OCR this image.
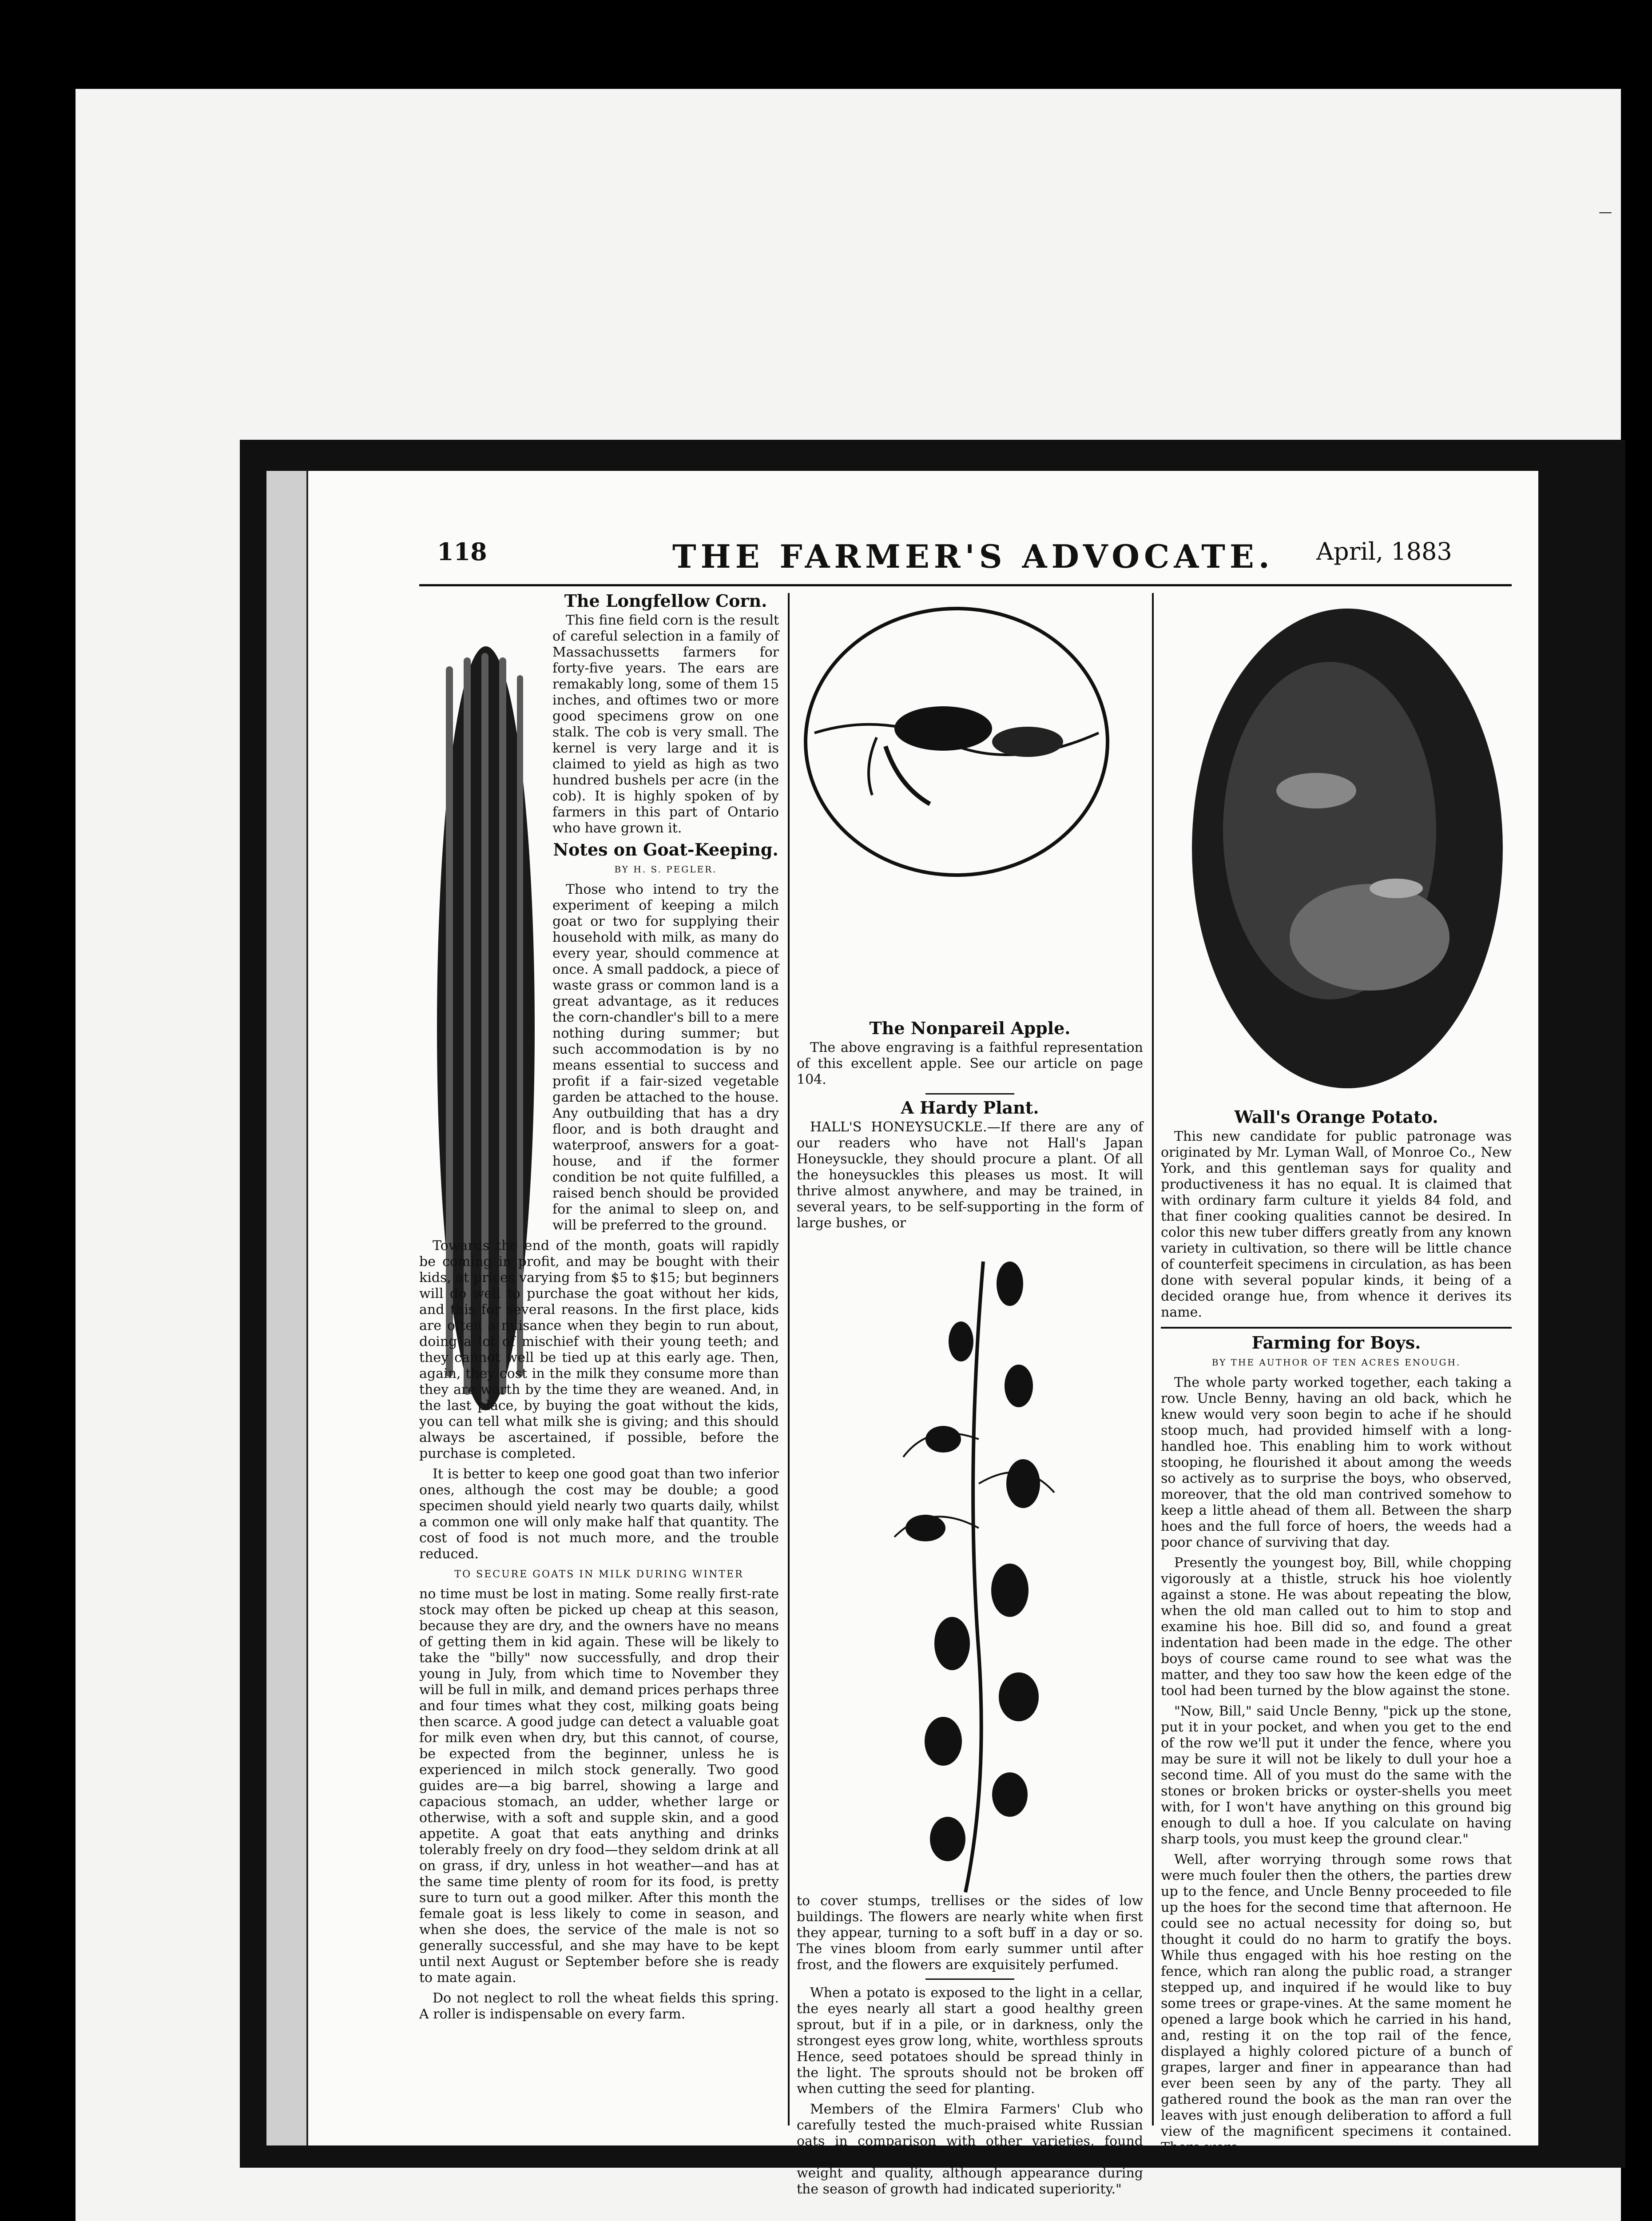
—
118	THE FARMER'S ADVOCATE. April, 1883
The Longfellow Corn.

This fine field corn is the result of careful selection in a family of Massachussetts farmers for forty-five years. The ears are remakably long, some of them 15 inches, and oftimes two or more good specimens grow on one stalk. The cob is very small. The kernel is very large and it is claimed to yield as high as two hundred bushels per acre (in the cob). It is highly spoken of by farmers in this part of Ontario who have grown it.

Notes on Goat-Keeping.
BY H. S. PEGLER.

Those who intend to try the experiment of keeping a milch goat or two for supplying their household with milk, as many do every year, should commence at once. A small paddock, a piece of waste grass or common land is a great advantage, as it reduces the corn-chandler's bill to a mere nothing during summer; but such accommodation is by no means essential to success and profit if a fair-sized vegetable garden be attached to the house. Any outbuilding that has a dry floor, and is both draught and waterproof, answers for a goat-house, and if the former condition be not quite fulfilled, a raised bench should be provided for the animal to sleep on, and will be preferred to the ground.

Towards the end of the month, goats will rapidly be coming in profit, and may be bought with their kids, at prices varying from $5 to $15; but beginners will do well to purchase the goat without her kids, and this for several reasons. In the first place, kids are often a nuisance when they begin to run about, doing a lot of mischief with their young teeth; and they cannot well be tied up at this early age. Then, again, they cost in the milk they consume more than they are worth by the time they are weaned. And, in the last place, by buying the goat without the kids, you can tell what milk she is giving; and this should always be ascertained, if possible, before the purchase is completed.

It is better to keep one good goat than two inferior ones, although the cost may be double; a good specimen should yield nearly two quarts daily, whilst a common one will only make half that quantity. The cost of food is not much more, and the trouble reduced.

TO SECURE GOATS IN MILK DURING WINTER

no time must be lost in mating. Some really first-rate stock may often be picked up cheap at this season, because they are dry, and the owners have no means of getting them in kid again. These will be likely to take the "billy" now successfully, and drop their young in July, from which time to November they will be full in milk, and demand prices perhaps three and four times what they cost, milking goats being then scarce. A good judge can detect a valuable goat for milk even when dry, but this cannot, of course, be expected from the beginner, unless he is experienced in milch stock generally. Two good guides are—a big barrel, showing a large and capacious stomach, an udder, whether large or otherwise, with a soft and supple skin, and a good appetite. A goat that eats anything and drinks tolerably freely on dry food—they seldom drink at all on grass, if dry, unless in hot weather—and has at the same time plenty of room for its food, is pretty sure to turn out a good milker. After this month the female goat is less likely to come in season, and when she does, the service of the male is not so generally successful, and she may have to be kept until next August or September before she is ready to mate again.

Do not neglect to roll the wheat fields this spring. A roller is indispensable on every farm.

The Nonpareil Apple.

The above engraving is a faithful representation of this excellent apple. See our article on page 104.

A Hardy Plant.

HALL'S HONEYSUCKLE.—If there are any of our readers who have not Hall's Japan Honeysuckle, they should procure a plant. Of all the honeysuckles this pleases us most. It will thrive almost anywhere, and may be trained, in several years, to be self-supporting in the form of large bushes, or

to cover stumps, trellises or the sides of low buildings. The flowers are nearly white when first they appear, turning to a soft buff in a day or so. The vines bloom from early summer until after frost, and the flowers are exquisitely perfumed.

When a potato is exposed to the light in a cellar, the eyes nearly all start a good healthy green sprout, but if in a pile, or in darkness, only the strongest eyes grow long, white, worthless sprouts Hence, seed potatoes should be spread thinly in the light. The sprouts should not be broken off when cutting the seed for planting.

Members of the Elmira Farmers' Club who carefully tested the much-praised white Russian oats in comparison with other varieties, found them, The Husbandman reports, "inferior both in weight and quality, although appearance during the season of growth had indicated superiority."

Wall's Orange Potato.

This new candidate for public patronage was originated by Mr. Lyman Wall, of Monroe Co., New York, and this gentleman says for quality and productiveness it has no equal. It is claimed that with ordinary farm culture it yields 84 fold, and that finer cooking qualities cannot be desired. In color this new tuber differs greatly from any known variety in cultivation, so there will be little chance of counterfeit specimens in circulation, as has been done with several popular kinds, it being of a decided orange hue, from whence it derives its name.

Farming for Boys.
BY THE AUTHOR OF TEN ACRES ENOUGH.

The whole party worked together, each taking a row. Uncle Benny, having an old back, which he knew would very soon begin to ache if he should stoop much, had provided himself with a long-handled hoe. This enabling him to work without stooping, he flourished it about among the weeds so actively as to surprise the boys, who observed, moreover, that the old man contrived somehow to keep a little ahead of them all. Between the sharp hoes and the full force of hoers, the weeds had a poor chance of surviving that day.

Presently the youngest boy, Bill, while chopping vigorously at a thistle, struck his hoe violently against a stone. He was about repeating the blow, when the old man called out to him to stop and examine his hoe. Bill did so, and found a great indentation had been made in the edge. The other boys of course came round to see what was the matter, and they too saw how the keen edge of the tool had been turned by the blow against the stone.

"Now, Bill," said Uncle Benny, "pick up the stone, put it in your pocket, and when you get to the end of the row we'll put it under the fence, where you may be sure it will not be likely to dull your hoe a second time. All of you must do the same with the stones or broken bricks or oyster-shells you meet with, for I won't have anything on this ground big enough to dull a hoe. If you calculate on having sharp tools, you must keep the ground clear."

Well, after worrying through some rows that were much fouler then the others, the parties drew up to the fence, and Uncle Benny proceeded to file up the hoes for the second time that afternoon. He could see no actual necessity for doing so, but thought it could do no harm to gratify the boys. While thus engaged with his hoe resting on the fence, which ran along the public road, a stranger stepped up, and inquired if he would like to buy some trees or grape-vines. At the same moment he opened a large book which he carried in his hand, and, resting it on the top rail of the fence, displayed a highly colored picture of a bunch of grapes, larger and finer in appearance than had ever been seen by any of the party. They all gathered round the book as the man ran over the leaves with just enough deliberation to afford a full view of the magnificent specimens it contained. There were
